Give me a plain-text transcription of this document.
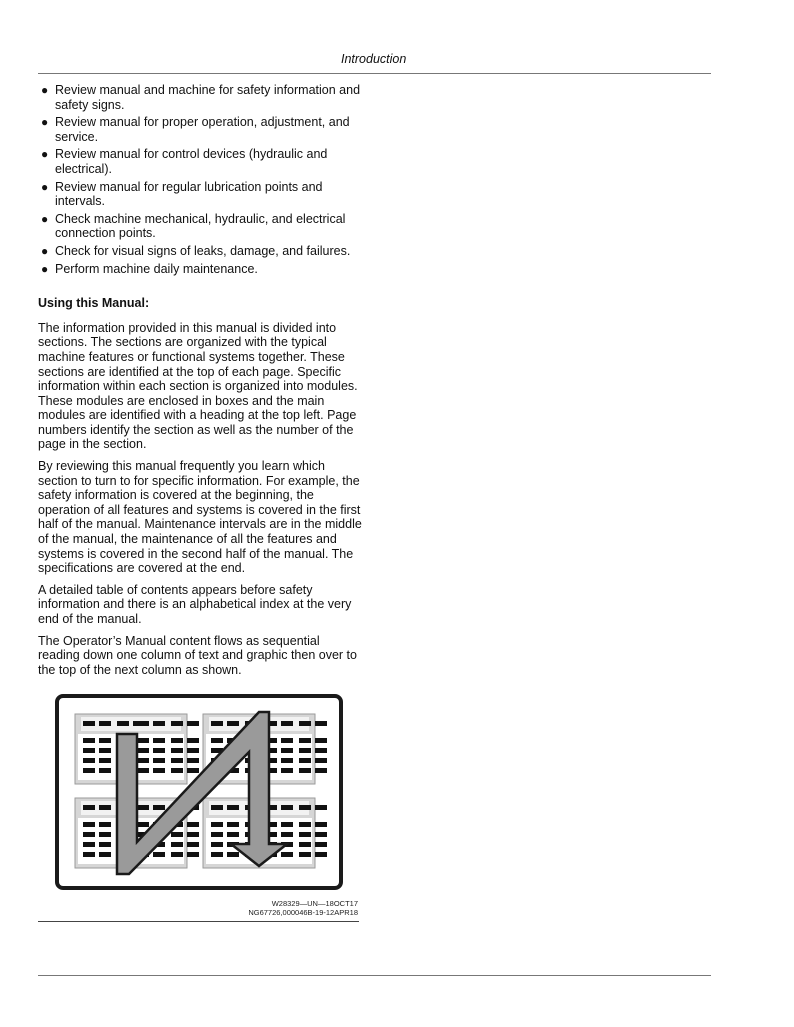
Introduction
● Review manual and machine for safety information and safety signs.
● Review manual for proper operation, adjustment, and service.
● Review manual for control devices (hydraulic and electrical).
● Review manual for regular lubrication points and intervals.
● Check machine mechanical, hydraulic, and electrical connection points.
● Check for visual signs of leaks, damage, and failures.
● Perform machine daily maintenance.
Using this Manual:

The information provided in this manual is divided into sections. The sections are organized with the typical machine features or functional systems together. These sections are identified at the top of each page. Specific information within each section is organized into modules. These modules are enclosed in boxes and the main modules are identified with a heading at the top left. Page numbers identify the section as well as the number of the page in the section.

By reviewing this manual frequently you learn which section to turn to for specific information. For example, the safety information is covered at the beginning, the operation of all features and systems is covered in the first half of the manual. Maintenance intervals are in the middle of the manual, the maintenance of all the features and systems is covered in the second half of the manual. The specifications are covered at the end.

A detailed table of contents appears before safety information and there is an alphabetical index at the very end of the manual.

The Operator’s Manual content flows as sequential reading down one column of text and graphic then over to the top of the next column as shown.

W28329—UN—18OCT17
NG67726,000046B-19-12APR18
